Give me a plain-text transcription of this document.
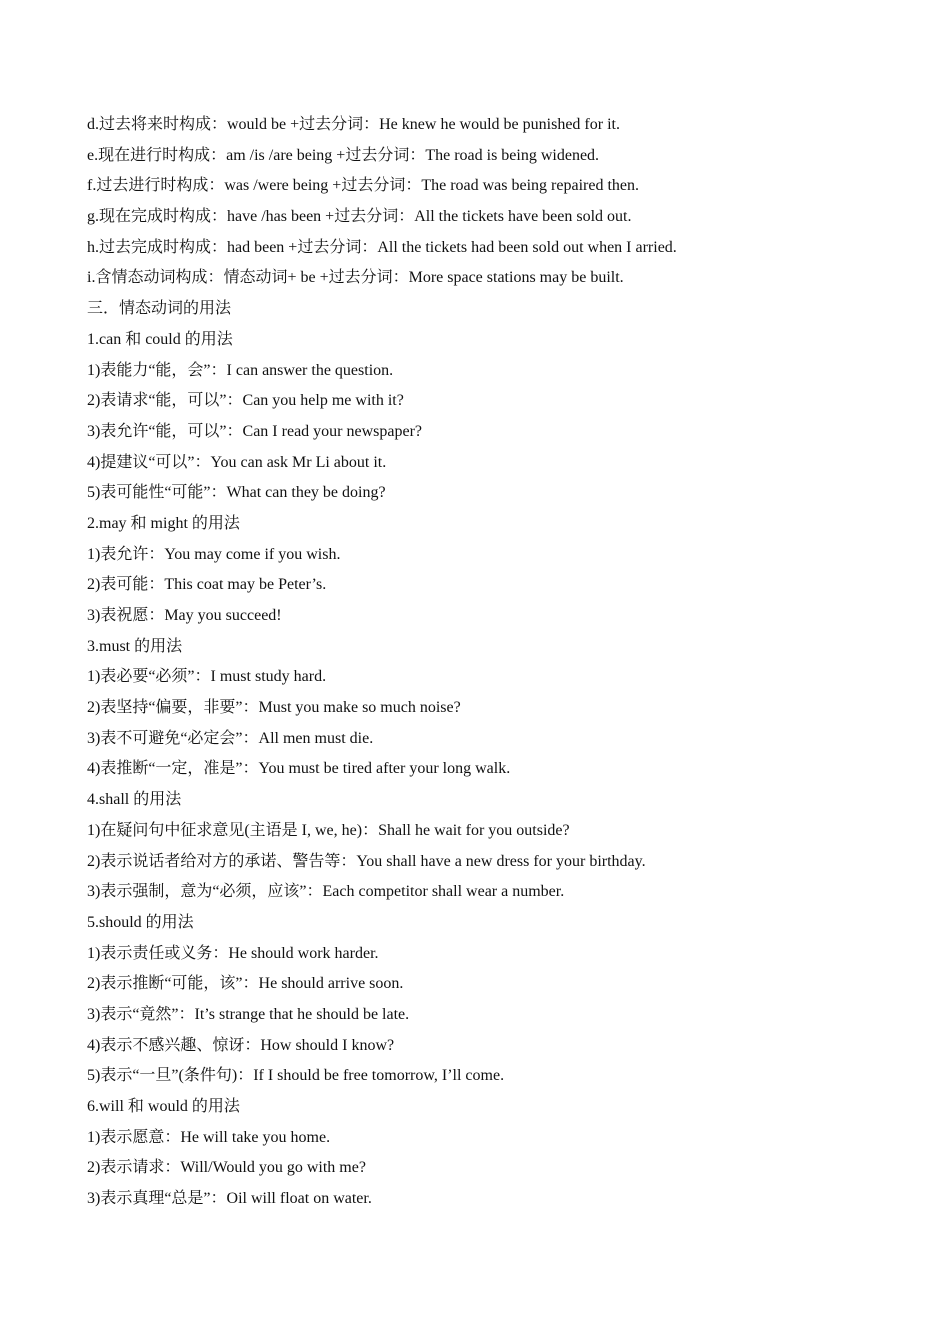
d.过去将来时构成：would be +过去分词：He knew he would be punished for it.
e.现在进行时构成：am /is /are being +过去分词：The road is being widened.
f.过去进行时构成：was /were being +过去分词：The road was being repaired then.
g.现在完成时构成：have /has been +过去分词：All the tickets have been sold out.
h.过去完成时构成：had been +过去分词：All the tickets had been sold out when I arried.
i.含情态动词构成：情态动词+ be +过去分词：More space stations may be built.
三．情态动词的用法
1.can 和 could 的用法
1)表能力“能，会”：I can answer the question.
2)表请求“能，可以”：Can you help me with it?
3)表允许“能，可以”：Can I read your newspaper?
4)提建议“可以”：You can ask Mr Li about it.
5)表可能性“可能”：What can they be doing?
2.may 和 might 的用法
1)表允许：You may come if you wish.
2)表可能：This coat may be Peter’s.
3)表祝愿：May you succeed!
3.must 的用法
1)表必要“必须”：I must study hard.
2)表坚持“偏要，非要”：Must you make so much noise?
3)表不可避免“必定会”：All men must die.
4)表推断“一定，准是”：You must be tired after your long walk.
4.shall 的用法
1)在疑问句中征求意见(主语是 I, we, he)：Shall he wait for you outside?
2)表示说话者给对方的承诺、警告等：You shall have a new dress for your birthday.
3)表示强制，意为“必须，应该”：Each competitor shall wear a number.
5.should 的用法
1)表示责任或义务：He should work harder.
2)表示推断“可能，该”：He should arrive soon.
3)表示“竟然”：It’s strange that he should be late.
4)表示不感兴趣、惊讶：How should I know?
5)表示“一旦”(条件句)：If I should be free tomorrow, I’ll come.
6.will 和 would 的用法
1)表示愿意：He will take you home.
2)表示请求：Will/Would you go with me?
3)表示真理“总是”：Oil will float on water.
